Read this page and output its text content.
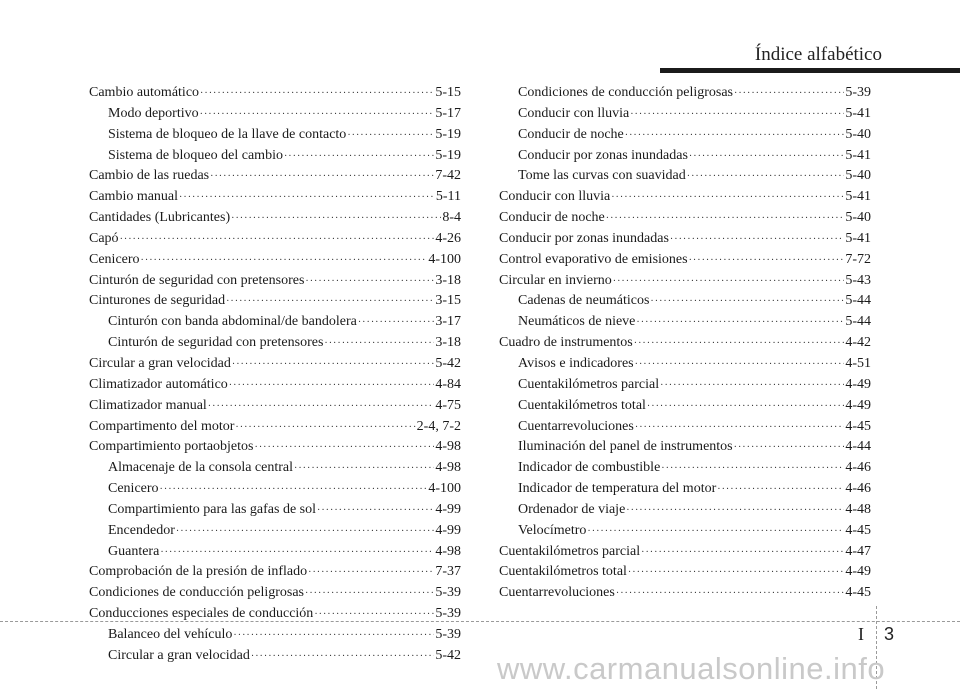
Índice alfabético
Cambio automático ·····	5-15
Modo deportivo ·····	5-17
Sistema de bloqueo de la llave de contacto ·····	5-19
Sistema de bloqueo del cambio ·····	5-19
Cambio de las ruedas ·····	7-42
Cambio manual ·····	5-11
Cantidades (Lubricantes) ·····	8-4
Capó ·····	4-26
Cenicero ·····	4-100
Cinturón de seguridad con pretensores ·····	3-18
Cinturones de seguridad ·····	3-15
Cinturón con banda abdominal/de bandolera ·····	3-17
Cinturón de seguridad con pretensores ·····	3-18
Circular a gran velocidad ·····	5-42
Climatizador automático ·····	4-84
Climatizador manual ·····	4-75
Compartimento del motor ·····	2-4, 7-2
Compartimiento portaobjetos ·····	4-98
Almacenaje de la consola central ·····	4-98
Cenicero ·····	4-100
Compartimiento para las gafas de sol ·····	4-99
Encendedor ·····	4-99
Guantera ·····	4-98
Comprobación de la presión de inflado ·····	7-37
Condiciones de conducción peligrosas ·····	5-39
Conducciones especiales de conducción ·····	5-39
Balanceo del vehículo ·····	5-39
Circular a gran velocidad ·····	5-42
Condiciones de conducción peligrosas ·····	5-39
Conducir con lluvia ·····	5-41
Conducir de noche ·····	5-40
Conducir por zonas inundadas ·····	5-41
Tome las curvas con suavidad ·····	5-40
Conducir con lluvia ·····	5-41
Conducir de noche ·····	5-40
Conducir por zonas inundadas ·····	5-41
Control evaporativo de emisiones ·····	7-72
Circular en invierno ·····	5-43
Cadenas de neumáticos ·····	5-44
Neumáticos de nieve ·····	5-44
Cuadro de instrumentos ·····	4-42
Avisos e indicadores ·····	4-51
Cuentakilómetros parcial ·····	4-49
Cuentakilómetros total ·····	4-49
Cuentarrevoluciones ·····	4-45
Iluminación del panel de instrumentos ·····	4-44
Indicador de combustible ·····	4-46
Indicador de temperatura del motor ·····	4-46
Ordenador de viaje ·····	4-48
Velocímetro ·····	4-45
Cuentakilómetros parcial ·····	4-47
Cuentakilómetros total ·····	4-49
Cuentarrevoluciones ·····	4-45
I 3
www.carmanualsonline.info
